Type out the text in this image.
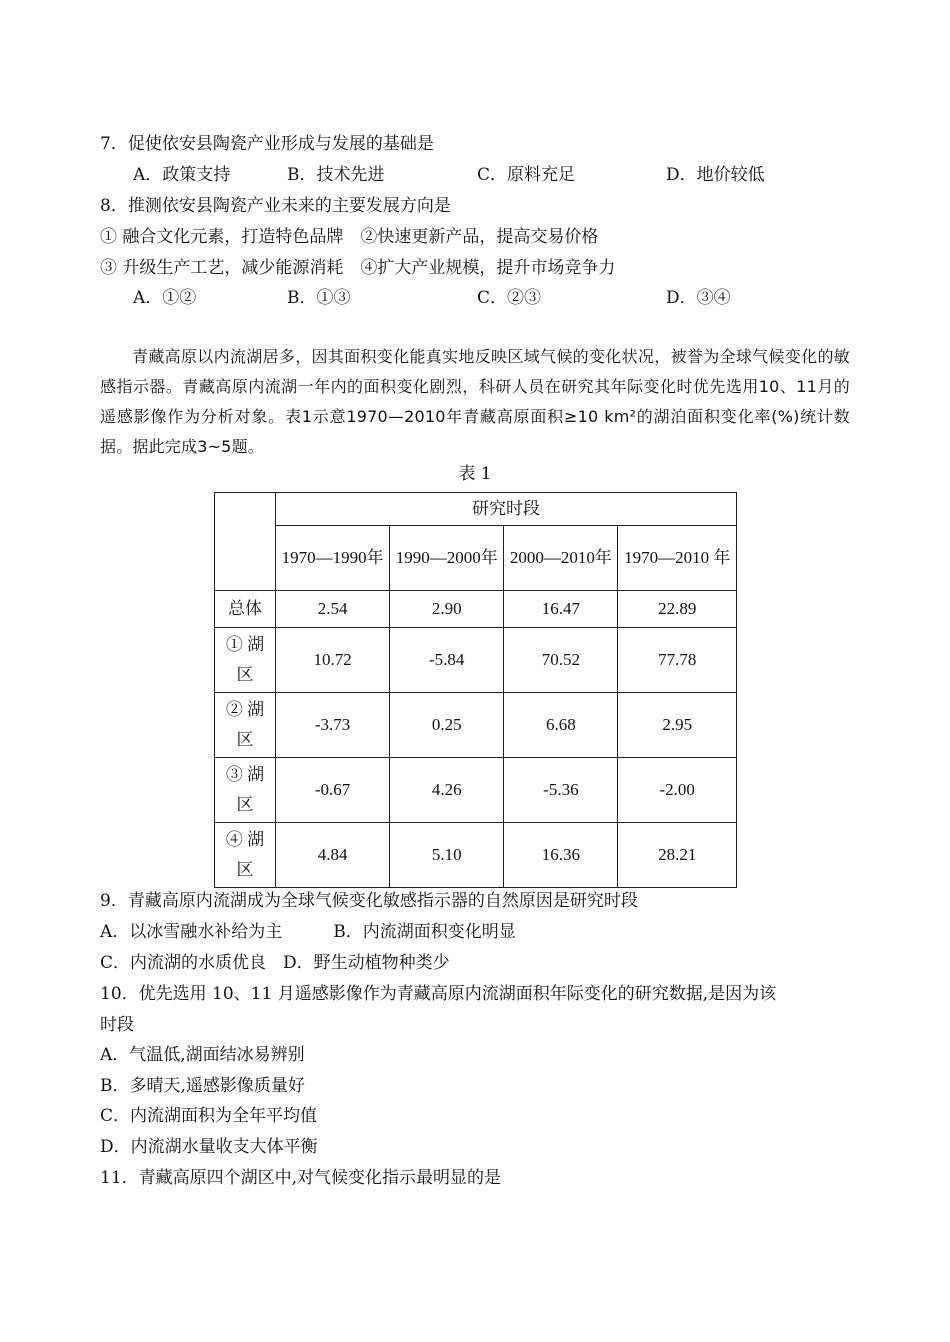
7．促使依安县陶瓷产业形成与发展的基础是
A．政策支持	B．技术先进	C．原料充足	D．地价较低
8．推测依安县陶瓷产业未来的主要发展方向是
① 融合文化元素，打造特色品牌　②快速更新产品，提高交易价格
③ 升级生产工艺，减少能源消耗　④扩大产业规模，提升市场竞争力
A．①②	B．①③	C．②③	D．③④
青藏高原以内流湖居多，因其面积变化能真实地反映区域气候的变化状况，被誉为全球气候变化的敏感指示器。青藏高原内流湖一年内的面积变化剧烈，科研人员在研究其年际变化时优先选用10、11月的遥感影像作为分析对象。表1示意1970—2010年青藏高原面积≥10 km²的湖泊面积变化率(%)统计数据。据此完成3~5题。
表 1
	研究时段			
	1970—1990年	1990—2000年	2000—2010年	1970—2010 年
总体	2.54	2.90	16.47	22.89
① 湖区	10.72	-5.84	70.52	77.78
② 湖区	-3.73	0.25	6.68	2.95
③ 湖区	-0.67	4.26	-5.36	-2.00
④ 湖区	4.84	5.10	16.36	28.21
9．青藏高原内流湖成为全球气候变化敏感指示器的自然原因是研究时段
A．以冰雪融水补给为主　　　B．内流湖面积变化明显
C．内流湖的水质优良　D．野生动植物种类少
10．优先选用 10、11 月遥感影像作为青藏高原内流湖面积年际变化的研究数据,是因为该
时段
A．气温低,湖面结冰易辨别
B．多晴天,遥感影像质量好
C．内流湖面积为全年平均值
D．内流湖水量收支大体平衡
11．青藏高原四个湖区中,对气候变化指示最明显的是
